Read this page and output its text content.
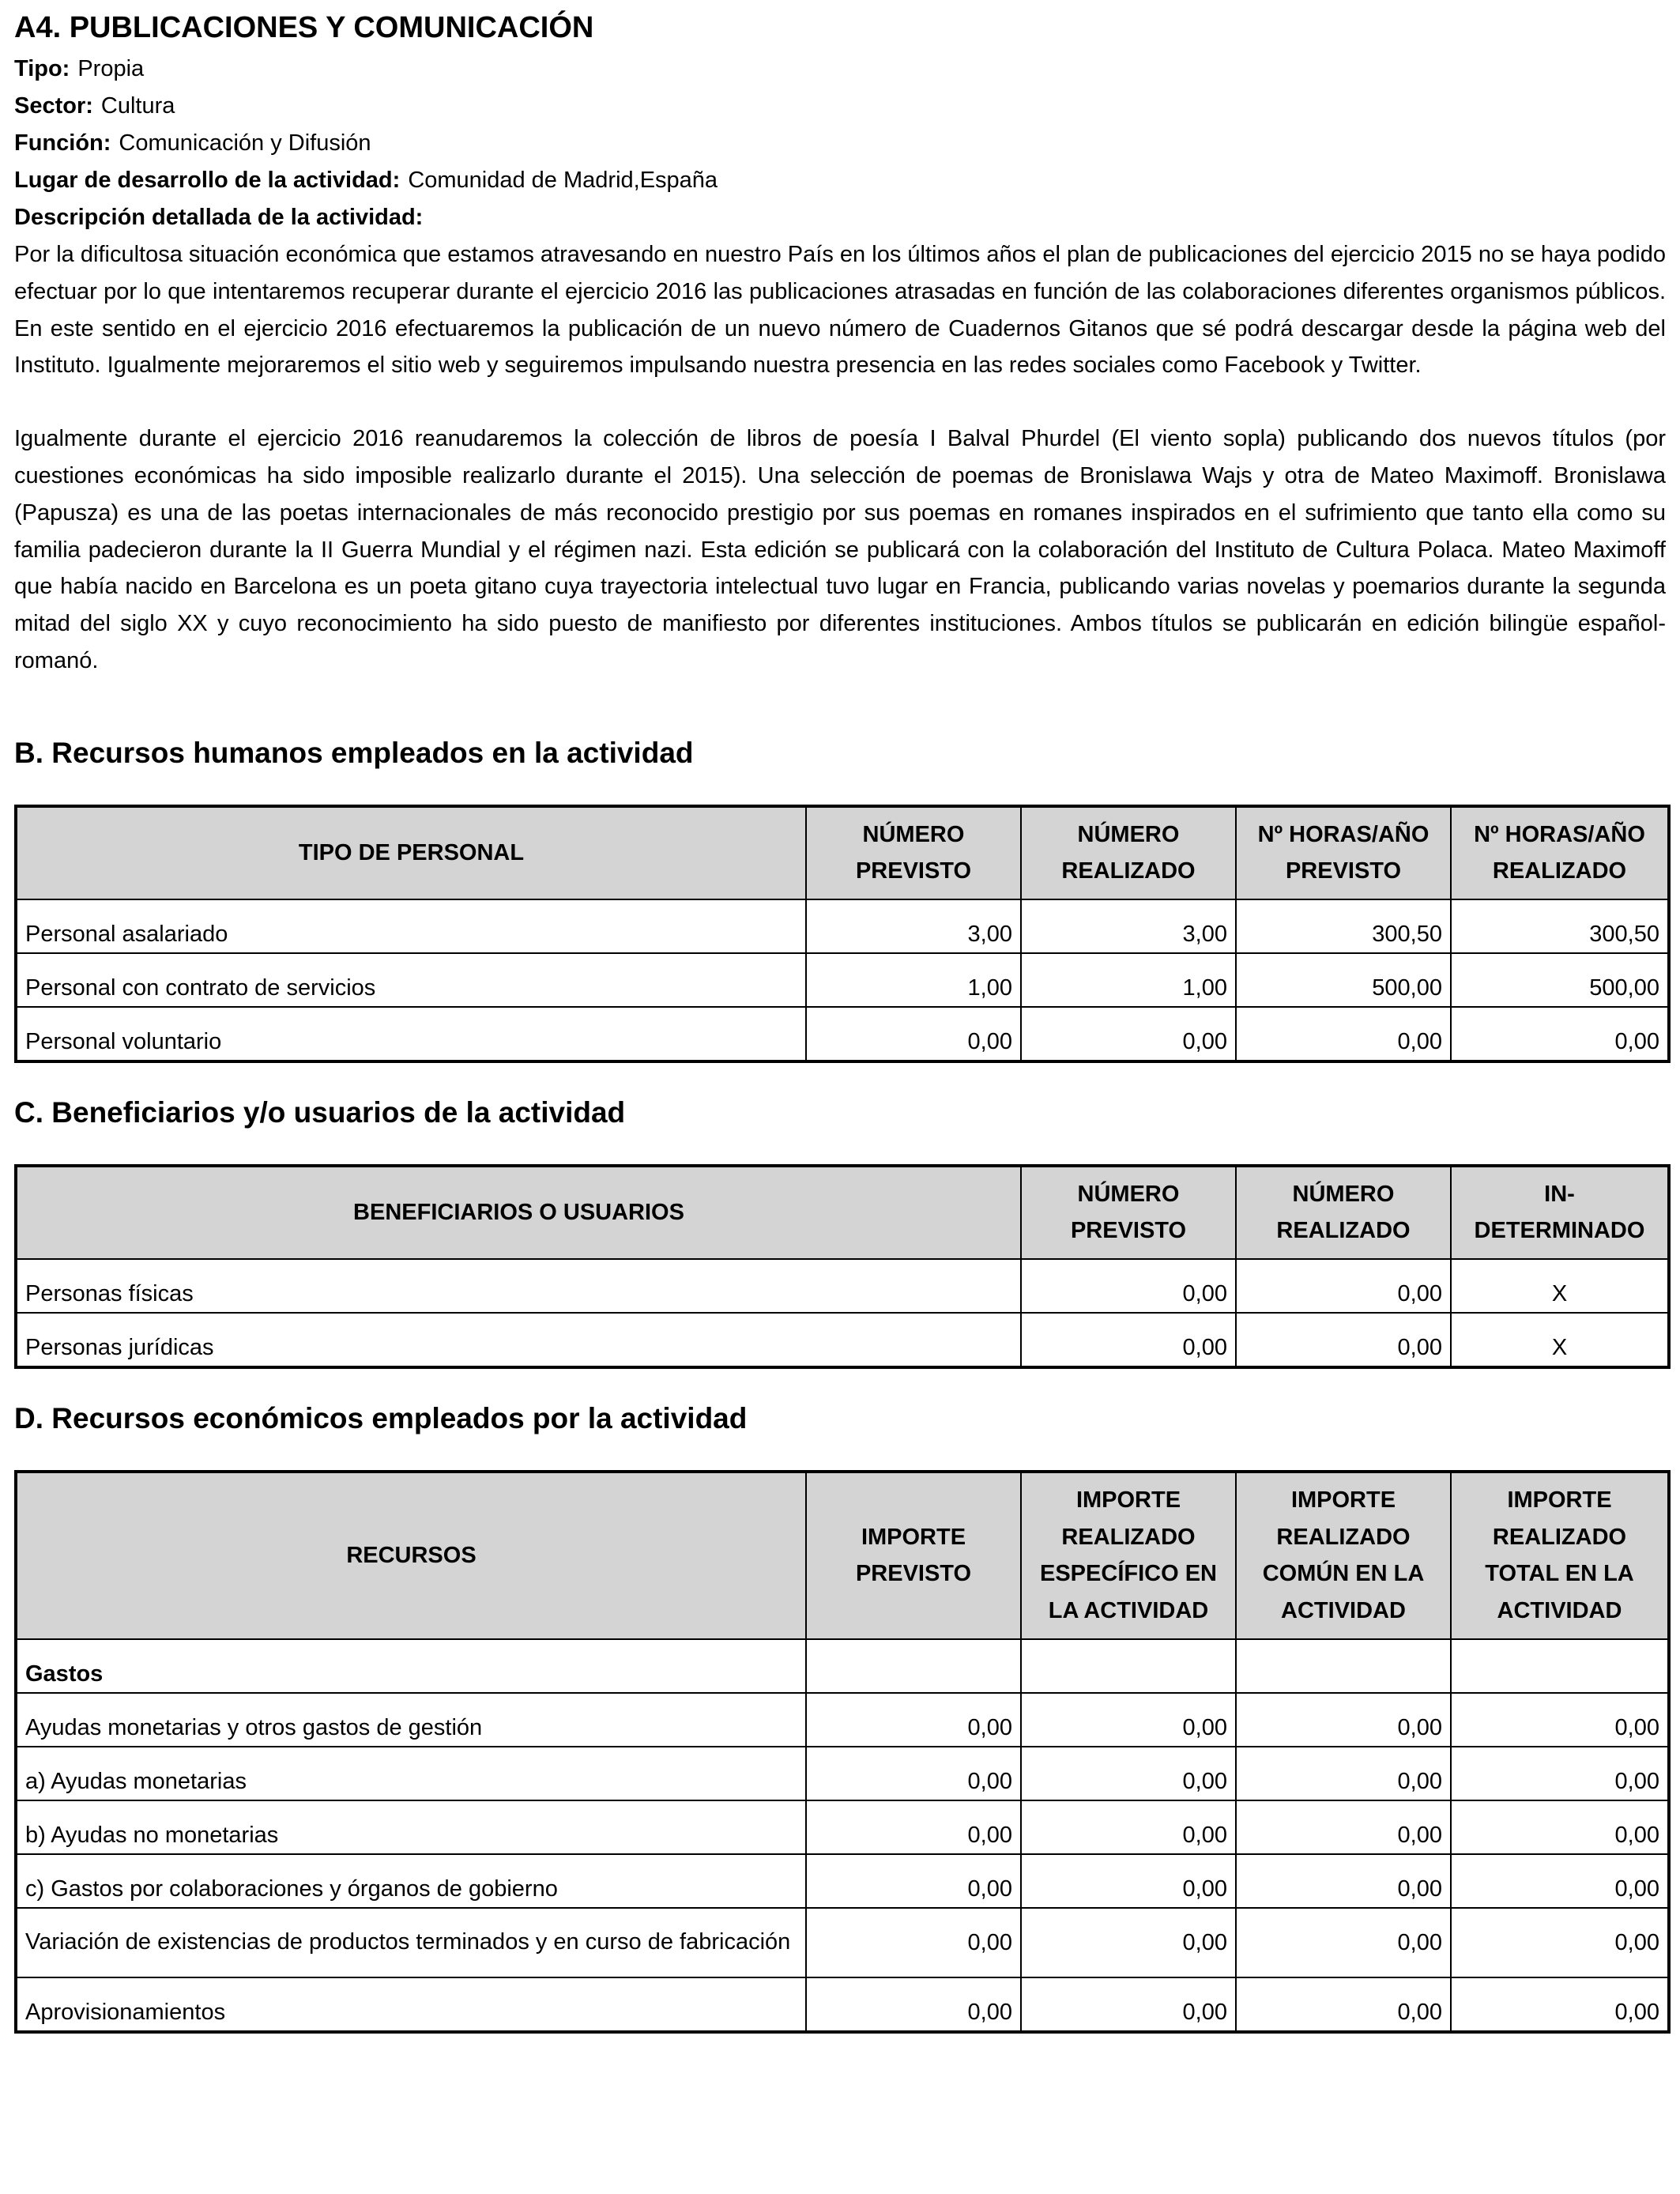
A4. PUBLICACIONES Y COMUNICACIÓN
Tipo: Propia
Sector: Cultura
Función: Comunicación y Difusión
Lugar de desarrollo de la actividad: Comunidad de Madrid,España
Descripción detallada de la actividad:

Por la dificultosa situación económica que estamos atravesando en nuestro País en los últimos años el plan de publicaciones del ejercicio 2015 no se haya podido efectuar por lo que intentaremos recuperar durante el ejercicio 2016 las publicaciones atrasadas en función de las colaboraciones diferentes organismos públicos. En este sentido en el ejercicio 2016 efectuaremos la publicación de un nuevo número de Cuadernos Gitanos que sé podrá descargar desde la página web del Instituto. Igualmente mejoraremos el sitio web y seguiremos impulsando nuestra presencia en las redes sociales como Facebook y Twitter.

Igualmente durante el ejercicio 2016 reanudaremos la colección de libros de poesía I Balval Phurdel (El viento sopla) publicando dos nuevos títulos (por cuestiones económicas ha sido imposible realizarlo durante el 2015). Una selección de poemas de Bronislawa Wajs y otra de Mateo Maximoff. Bronislawa (Papusza) es una de las poetas internacionales de más reconocido prestigio por sus poemas en romanes inspirados en el sufrimiento que tanto ella como su familia padecieron durante la II Guerra Mundial y el régimen nazi. Esta edición se publicará con la colaboración del Instituto de Cultura Polaca. Mateo Maximoff que había nacido en Barcelona es un poeta gitano cuya trayectoria intelectual tuvo lugar en Francia, publicando varias novelas y poemarios durante la segunda mitad del siglo XX y cuyo reconocimiento ha sido puesto de manifiesto por diferentes instituciones. Ambos títulos se publicarán en edición bilingüe español-romanó.

B. Recursos humanos empleados en la actividad
TIPO DE PERSONAL	NÚMERO PREVISTO	NÚMERO REALIZADO	Nº HORAS/AÑO PREVISTO	Nº HORAS/AÑO REALIZADO
Personal asalariado	3,00	3,00	300,50	300,50
Personal con contrato de servicios	1,00	1,00	500,00	500,00
Personal voluntario	0,00	0,00	0,00	0,00
C. Beneficiarios y/o usuarios de la actividad
BENEFICIARIOS O USUARIOS	NÚMERO PREVISTO	NÚMERO REALIZADO	IN-DETERMINADO
Personas físicas	0,00	0,00	X
Personas jurídicas	0,00	0,00	X
D. Recursos económicos empleados por la actividad
RECURSOS	IMPORTE PREVISTO	IMPORTE REALIZADO ESPECÍFICO EN LA ACTIVIDAD	IMPORTE REALIZADO COMÚN EN LA ACTIVIDAD	IMPORTE REALIZADO TOTAL EN LA ACTIVIDAD
Gastos				
Ayudas monetarias y otros gastos de gestión	0,00	0,00	0,00	0,00
a) Ayudas monetarias	0,00	0,00	0,00	0,00
b) Ayudas no monetarias	0,00	0,00	0,00	0,00
c) Gastos por colaboraciones y órganos de gobierno	0,00	0,00	0,00	0,00
Variación de existencias de productos terminados y en curso de fabricación	0,00	0,00	0,00	0,00
Aprovisionamientos	0,00	0,00	0,00	0,00
